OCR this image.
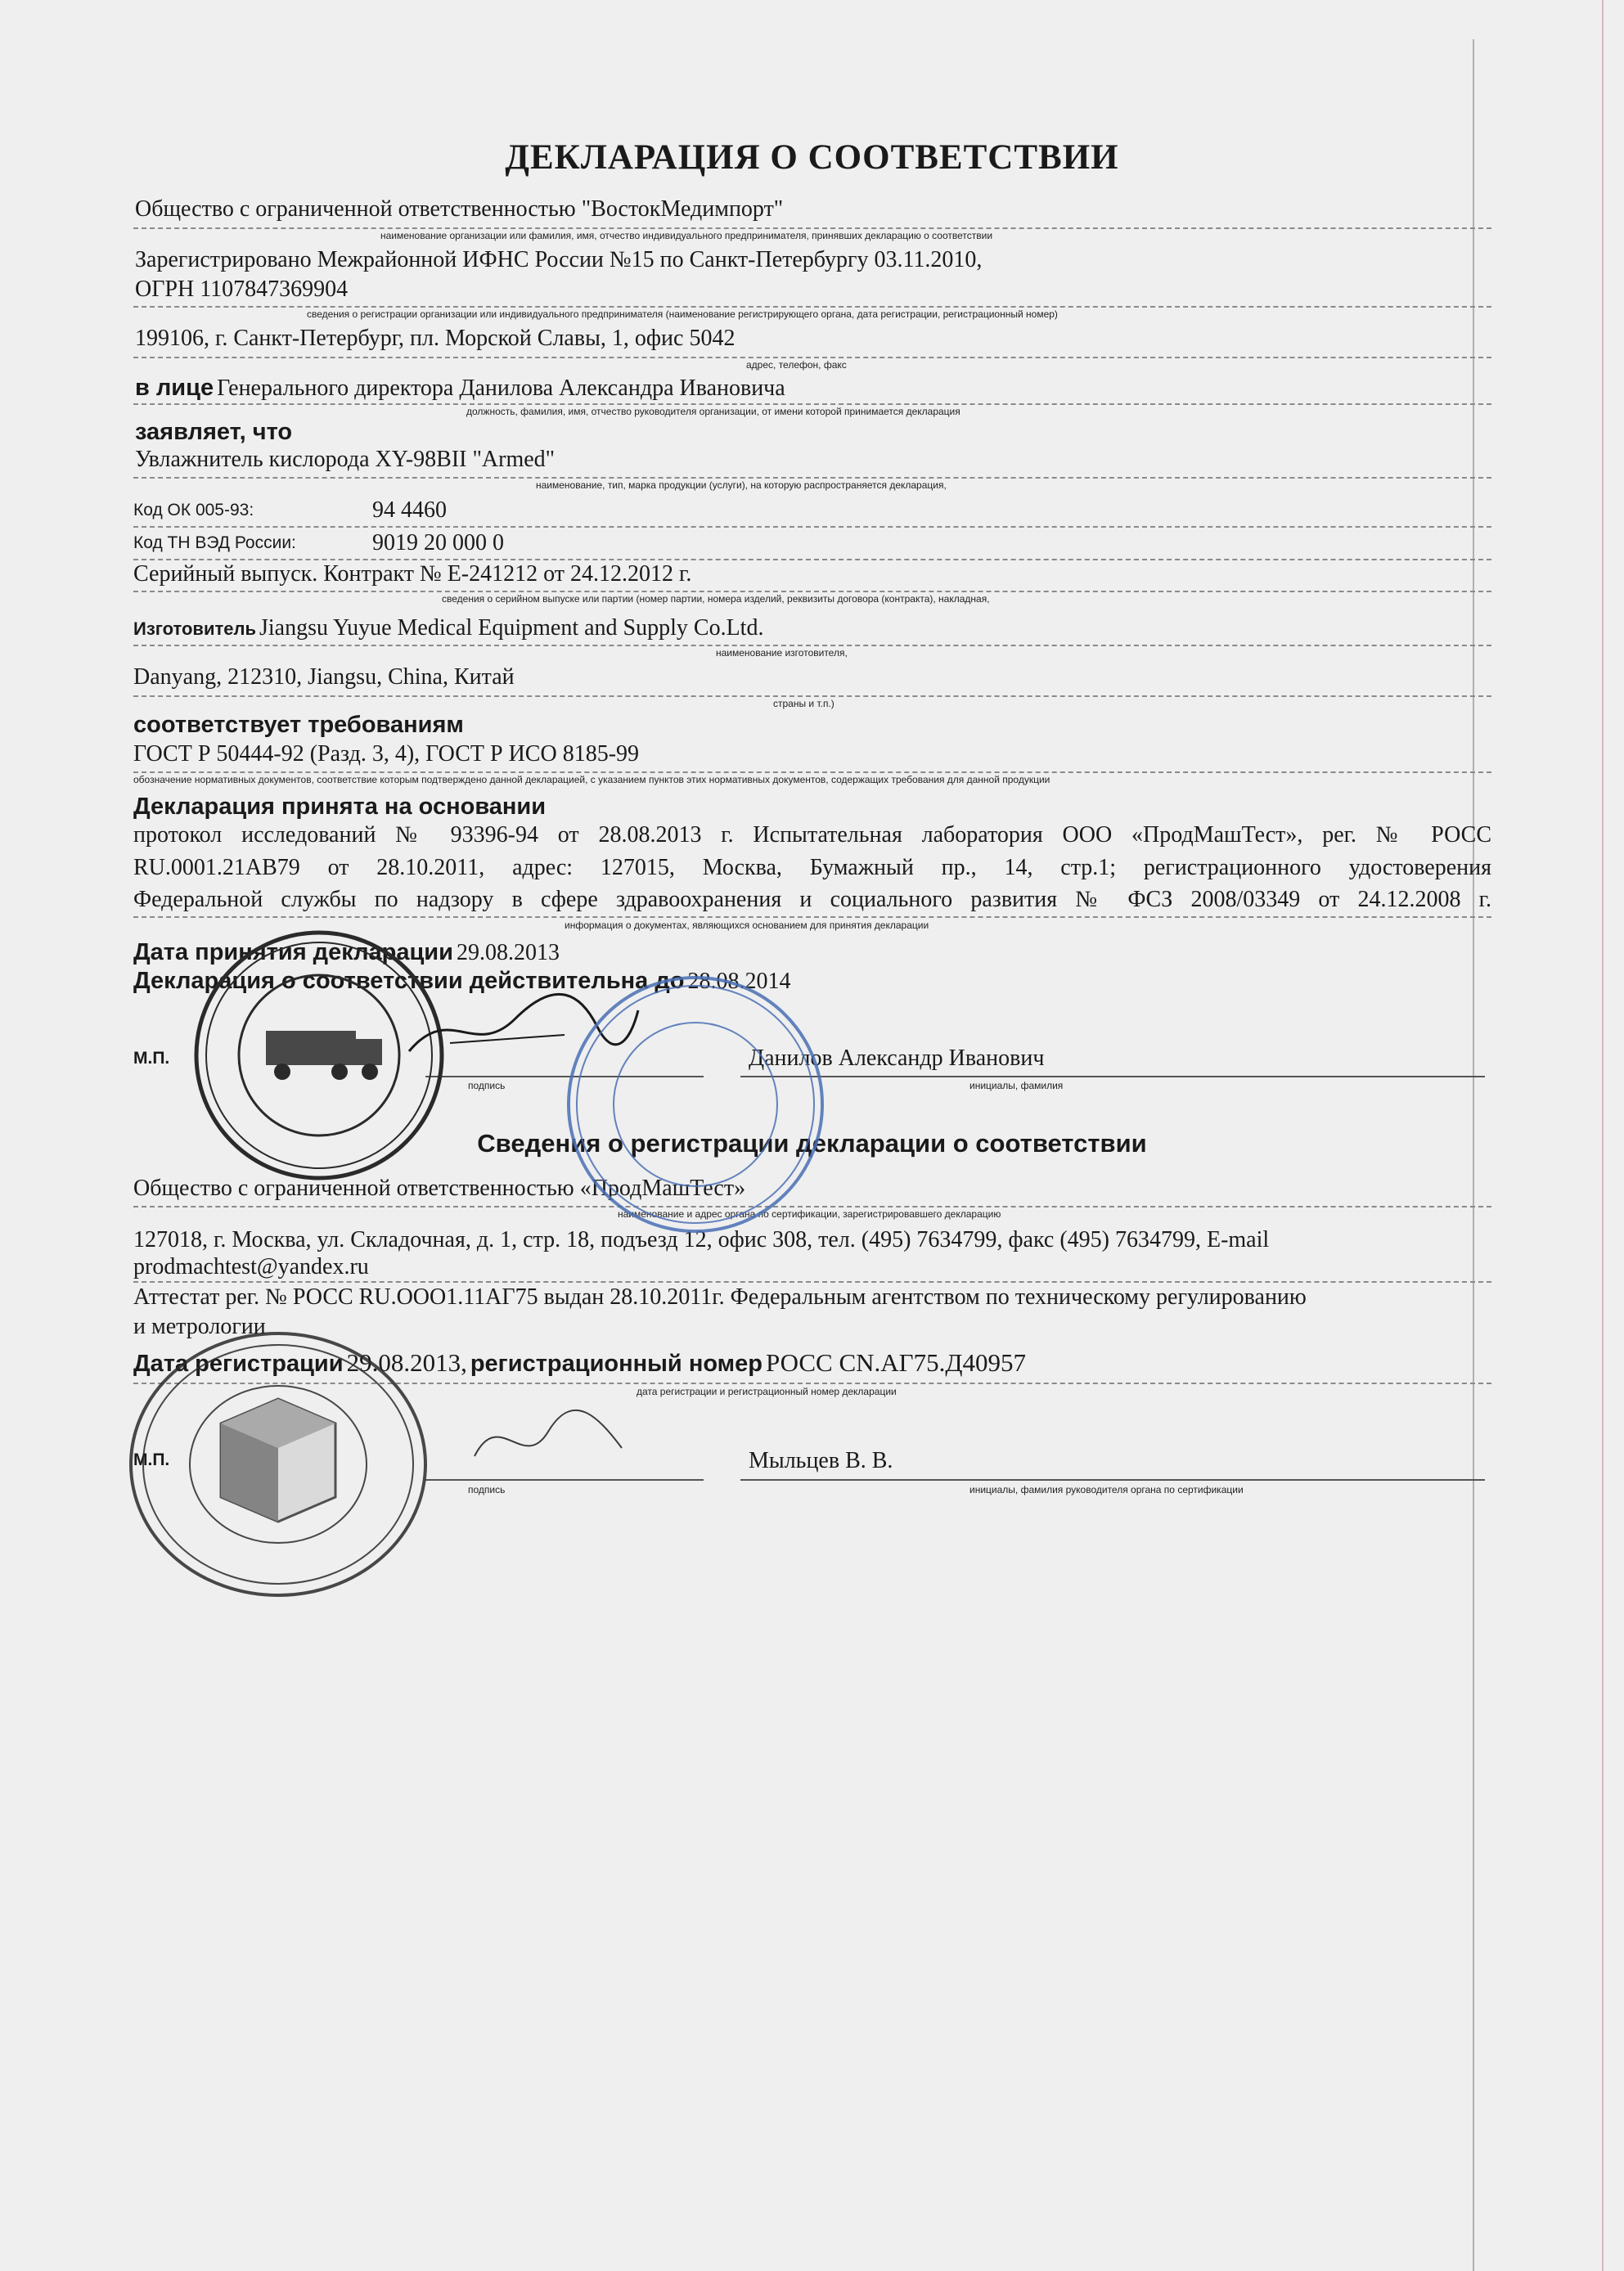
ДЕКЛАРАЦИЯ О СООТВЕТСТВИИ
Общество с ограниченной ответственностью "ВостокМедимпорт"
наименование организации или фамилия, имя, отчество индивидуального предпринимателя, принявших декларацию о соответствии
Зарегистрировано Межрайонной ИФНС России №15 по Санкт-Петербургу 03.11.2010,
ОГРН 1107847369904
сведения о регистрации организации или индивидуального предпринимателя (наименование регистрирующего органа, дата регистрации, регистрационный номер)
199106, г. Санкт-Петербург, пл. Морской Славы, 1, офис 5042
адрес, телефон, факс
в лице Генерального директора Данилова Александра Ивановича
должность, фамилия, имя, отчество руководителя организации, от имени которой принимается декларация
заявляет, что
Увлажнитель кислорода XY-98BII "Armed"
наименование, тип, марка продукции (услуги), на которую распространяется декларация,
Код ОК 005-93:	94 4460
Код ТН ВЭД России:	9019 20 000 0
Серийный выпуск. Контракт № Е-241212 от 24.12.2012 г.
сведения о серийном выпуске или партии (номер партии, номера изделий, реквизиты договора (контракта), накладная,
Изготовитель Jiangsu Yuyue Medical Equipment and Supply Co.Ltd.
наименование изготовителя,
Danyang, 212310, Jiangsu, China, Китай
страны и т.п.)
соответствует требованиям
ГОСТ Р 50444-92 (Разд. 3, 4), ГОСТ Р ИСО 8185-99
обозначение нормативных документов, соответствие которым подтверждено данной декларацией, с указанием пунктов этих нормативных документов, содержащих требования для данной продукции
Декларация принята на основании
протокол исследований № 93396-94 от 28.08.2013 г. Испытательная лаборатория ООО «ПродМашТест», рег. № РОСС
RU.0001.21АВ79 от 28.10.2011, адрес: 127015, Москва, Бумажный пр., 14, стр.1; регистрационного удостоверения
Федеральной службы по надзору в сфере здравоохранения и социального развития № ФСЗ 2008/03349 от 24.12.2008 г.
информация о документах, являющихся основанием для принятия декларации
Дата принятия декларации 29.08.2013
Декларация о соответствии действительна до 28.08.2014
М.П.
подпись
Данилов Александр Иванович
инициалы, фамилия
Сведения о регистрации декларации о соответствии
Общество с ограниченной ответственностью «ПродМашТест»
наименование и адрес органа по сертификации, зарегистрировавшего декларацию
127018, г. Москва, ул. Складочная, д. 1, стр. 18, подъезд 12, офис 308, тел. (495) 7634799, факс (495) 7634799, E-mail
prodmachtest@yandex.ru
Аттестат рег. № РОСС RU.ООО1.11АГ75 выдан 28.10.2011г. Федеральным агентством по техническому регулированию
и метрологии
Дата регистрации 29.08.2013, регистрационный номер РОСС CN.АГ75.Д40957
дата регистрации и регистрационный номер декларации
М.П.
подпись
Мыльцев В. В.
инициалы, фамилия руководителя органа по сертификации
